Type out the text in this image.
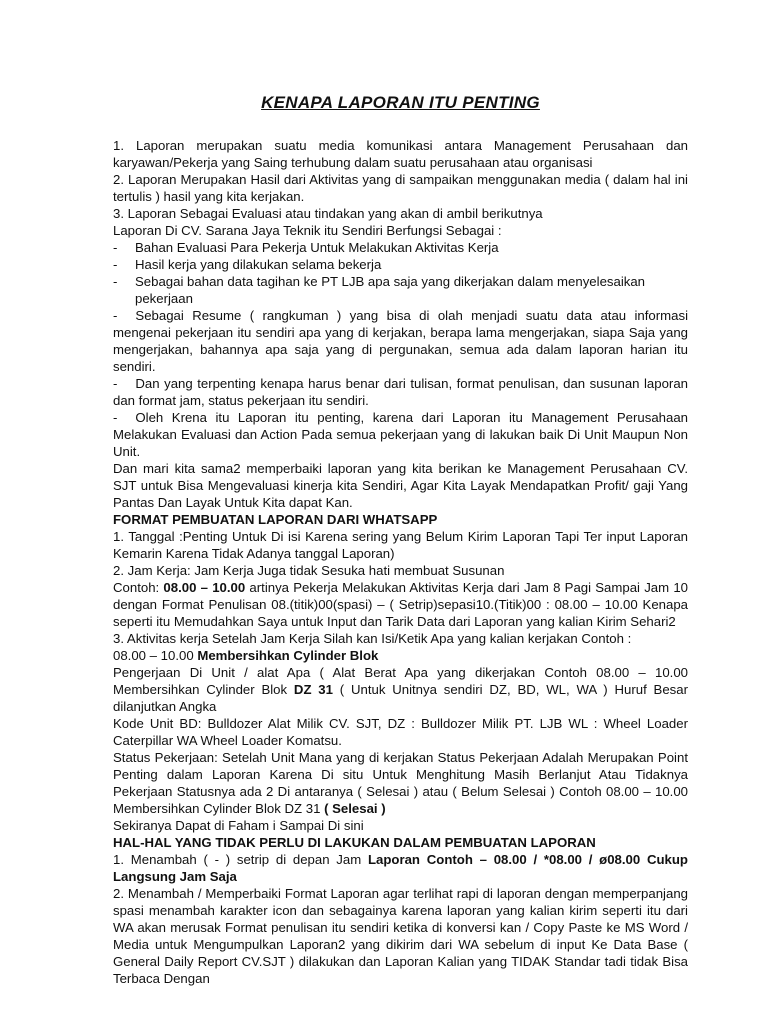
KENAPA LAPORAN ITU PENTING

1. Laporan merupakan suatu media komunikasi antara Management Perusahaan dan karyawan/Pekerja yang Saing terhubung dalam suatu perusahaan atau organisasi

2. Laporan Merupakan Hasil dari Aktivitas yang di sampaikan menggunakan media ( dalam hal ini tertulis ) hasil yang kita kerjakan.

3. Laporan Sebagai Evaluasi atau tindakan yang akan di ambil berikutnya

Laporan Di CV. Sarana Jaya Teknik itu Sendiri Berfungsi Sebagai :

- Bahan Evaluasi Para Pekerja Untuk Melakukan Aktivitas Kerja

- Hasil kerja yang dilakukan selama bekerja

- Sebagai bahan data tagihan ke PT LJB apa saja yang dikerjakan dalam menyelesaikan pekerjaan

- Sebagai Resume ( rangkuman ) yang bisa di olah menjadi suatu data atau informasi mengenai pekerjaan itu sendiri apa yang di kerjakan, berapa lama mengerjakan, siapa Saja yang mengerjakan, bahannya apa saja yang di pergunakan, semua ada dalam laporan harian itu sendiri.

- Dan yang terpenting kenapa harus benar dari tulisan, format penulisan, dan susunan laporan dan format jam, status pekerjaan itu sendiri.

- Oleh Krena itu Laporan itu penting, karena dari Laporan itu Management Perusahaan Melakukan Evaluasi dan Action Pada semua pekerjaan yang di lakukan baik Di Unit Maupun Non Unit.

Dan mari kita sama2 memperbaiki laporan yang kita berikan ke Management Perusahaan CV. SJT untuk Bisa Mengevaluasi kinerja kita Sendiri, Agar Kita Layak Mendapatkan Profit/ gaji Yang Pantas Dan Layak Untuk Kita dapat Kan.

FORMAT PEMBUATAN LAPORAN DARI WHATSAPP

1. Tanggal :Penting Untuk Di isi Karena sering yang Belum Kirim Laporan Tapi Ter input Laporan Kemarin Karena Tidak Adanya tanggal Laporan)

2. Jam Kerja: Jam Kerja Juga tidak Sesuka hati membuat Susunan

Contoh: 08.00 – 10.00 artinya Pekerja Melakukan Aktivitas Kerja dari Jam 8 Pagi Sampai Jam 10 dengan Format Penulisan 08.(titik)00(spasi) – ( Setrip)sepasi10.(Titik)00 : 08.00 – 10.00 Kenapa seperti itu Memudahkan Saya untuk Input dan Tarik Data dari Laporan yang kalian Kirim Sehari2

3. Aktivitas kerja Setelah Jam Kerja Silah kan Isi/Ketik Apa yang kalian kerjakan Contoh :

08.00 – 10.00 Membersihkan Cylinder Blok

Pengerjaan Di Unit / alat Apa ( Alat Berat Apa yang dikerjakan Contoh 08.00 – 10.00 Membersihkan Cylinder Blok DZ 31 ( Untuk Unitnya sendiri DZ, BD, WL, WA ) Huruf Besar dilanjutkan Angka

Kode Unit BD: Bulldozer Alat Milik CV. SJT, DZ : Bulldozer Milik PT. LJB WL : Wheel Loader Caterpillar WA Wheel Loader Komatsu.

Status Pekerjaan: Setelah Unit Mana yang di kerjakan Status Pekerjaan Adalah Merupakan Point Penting dalam Laporan Karena Di situ Untuk Menghitung Masih Berlanjut Atau Tidaknya Pekerjaan Statusnya ada 2 Di antaranya ( Selesai ) atau ( Belum Selesai ) Contoh 08.00 – 10.00 Membersihkan Cylinder Blok DZ 31 ( Selesai )

Sekiranya Dapat di Faham i Sampai Di sini

HAL-HAL YANG TIDAK PERLU DI LAKUKAN DALAM PEMBUATAN LAPORAN

1. Menambah ( - ) setrip di depan Jam Laporan Contoh – 08.00 / *08.00 / ø08.00 Cukup Langsung Jam Saja

2. Menambah / Memperbaiki Format Laporan agar terlihat rapi di laporan dengan memperpanjang spasi menambah karakter icon dan sebagainya karena laporan yang kalian kirim seperti itu dari WA akan merusak Format penulisan itu sendiri ketika di konversi kan / Copy Paste ke MS Word / Media untuk Mengumpulkan Laporan2 yang dikirim dari WA sebelum di input Ke Data Base ( General Daily Report CV.SJT ) dilakukan dan Laporan Kalian yang TIDAK Standar tadi tidak Bisa Terbaca Dengan
